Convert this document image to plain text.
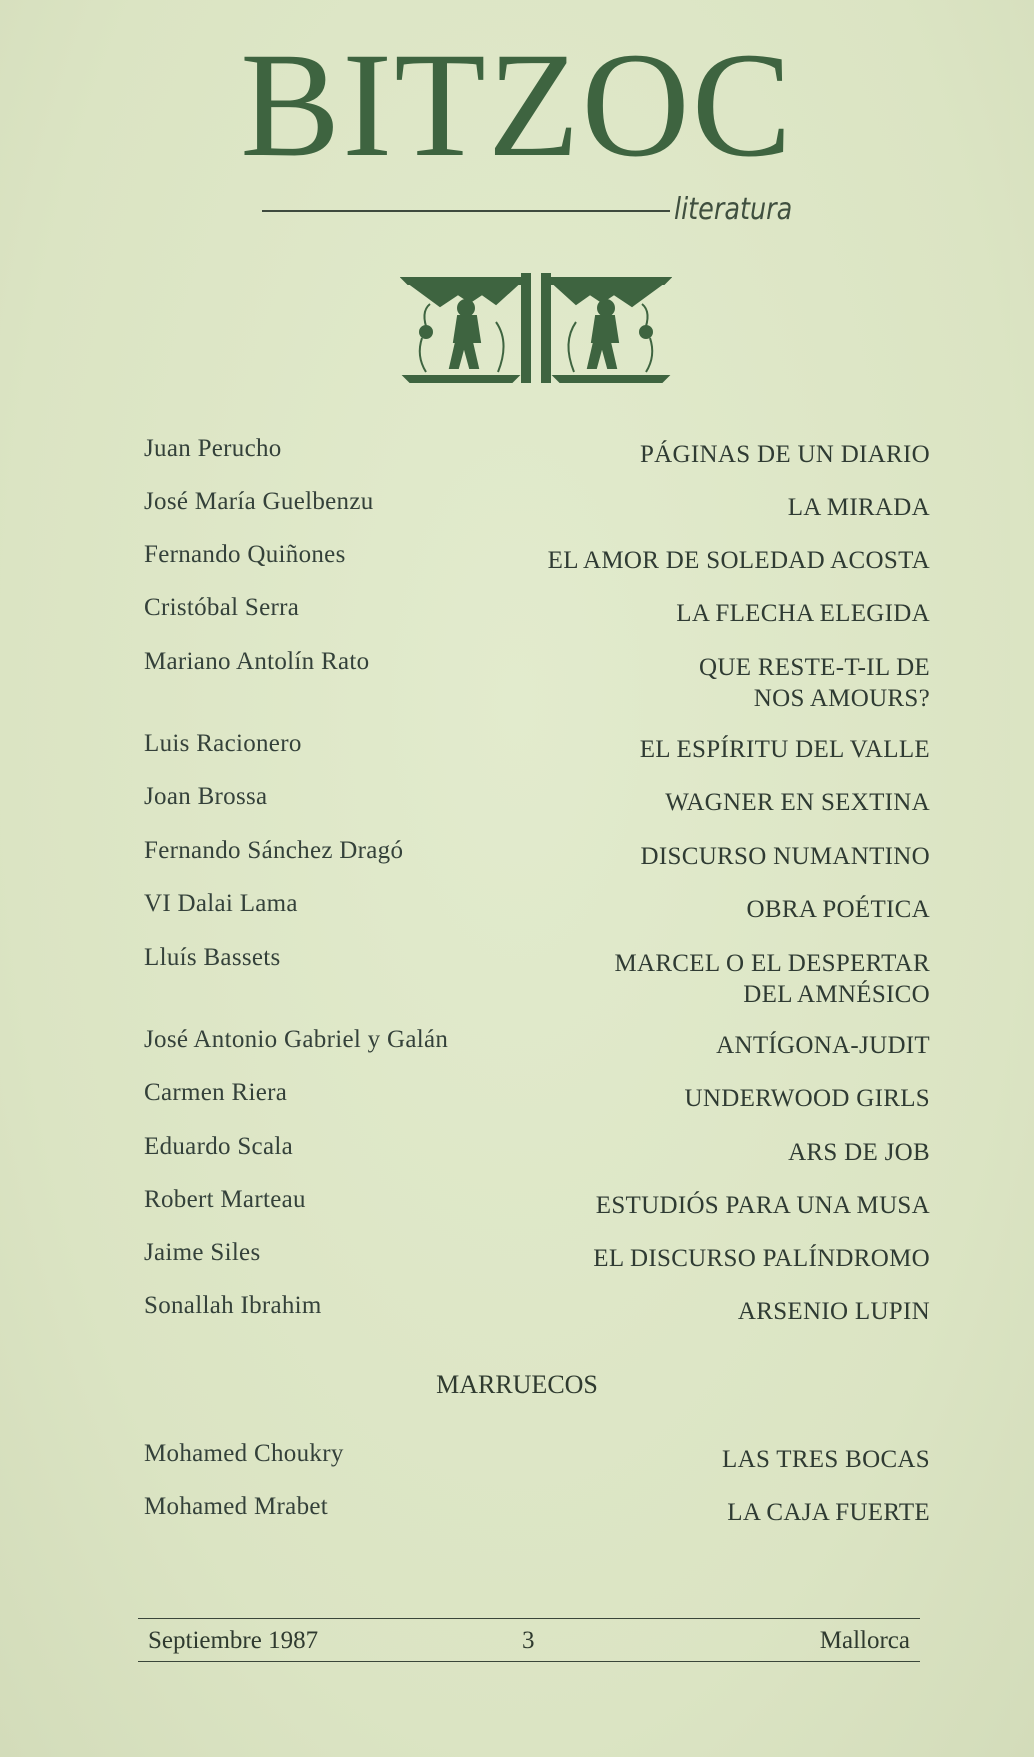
BITZOC
literatura
Juan Perucho	PÁGINAS DE UN DIARIO
José María Guelbenzu	LA MIRADA
Fernando Quiñones	EL AMOR DE SOLEDAD ACOSTA
Cristóbal Serra	LA FLECHA ELEGIDA
Mariano Antolín Rato	QUE RESTE-T-IL DE
NOS AMOURS?
Luis Racionero	EL ESPÍRITU DEL VALLE
Joan Brossa	WAGNER EN SEXTINA
Fernando Sánchez Dragó	DISCURSO NUMANTINO
VI Dalai Lama	OBRA POÉTICA
Lluís Bassets	MARCEL O EL DESPERTAR
DEL AMNÉSICO
José Antonio Gabriel y Galán	ANTÍGONA-JUDIT
Carmen Riera	UNDERWOOD GIRLS
Eduardo Scala	ARS DE JOB
Robert Marteau	ESTUDIÓS PARA UNA MUSA
Jaime Siles	EL DISCURSO PALÍNDROMO
Sonallah Ibrahim	ARSENIO LUPIN
MARRUECOS
Mohamed Choukry	LAS TRES BOCAS
Mohamed Mrabet	LA CAJA FUERTE
Septiembre 1987	3	Mallorca
